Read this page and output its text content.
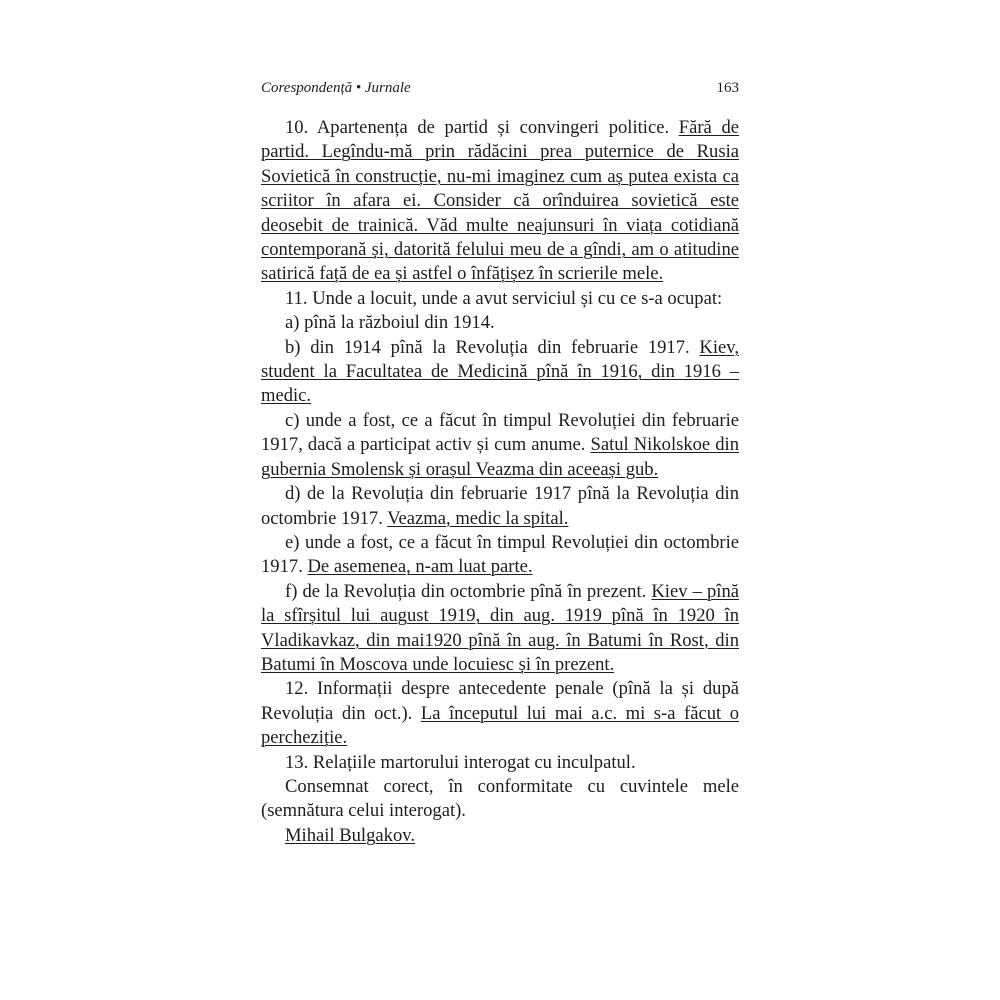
Corespondență • Jurnale	163

10. Apartenența de partid și convingeri politice. Fără de partid. Legîndu-mă prin rădăcini prea puternice de Rusia Sovietică în construcție, nu-mi imaginez cum aș putea exista ca scriitor în afara ei. Consider că orînduirea sovietică este deosebit de trainică. Văd multe neajunsuri în viața cotidiană contemporană și, datorită felului meu de a gîndi, am o atitudine satirică față de ea și astfel o înfățișez în scrierile mele.

11. Unde a locuit, unde a avut serviciul și cu ce s-a ocupat:

a) pînă la războiul din 1914.

b) din 1914 pînă la Revoluția din februarie 1917. Kiev, student la Facultatea de Medicină pînă în 1916, din 1916 – medic.

c) unde a fost, ce a făcut în timpul Revoluției din februarie 1917, dacă a participat activ și cum anume. Satul Nikolskoe din gubernia Smolensk și orașul Veazma din aceeași gub.

d) de la Revoluția din februarie 1917 pînă la Revoluția din octombrie 1917. Veazma, medic la spital.

e) unde a fost, ce a făcut în timpul Revoluției din octombrie 1917. De asemenea, n-am luat parte.

f) de la Revoluția din octombrie pînă în prezent. Kiev – pînă la sfîrșitul lui august 1919, din aug. 1919 pînă în 1920 în Vladikavkaz, din mai1920 pînă în aug. în Batumi în Rost, din Batumi în Moscova unde locuiesc și în prezent.

12. Informații despre antecedente penale (pînă la și după Revoluția din oct.). La începutul lui mai a.c. mi s-a făcut o percheziție.

13. Relațiile martorului interogat cu inculpatul.

Consemnat corect, în conformitate cu cuvintele mele (semnătura celui interogat).

Mihail Bulgakov.
